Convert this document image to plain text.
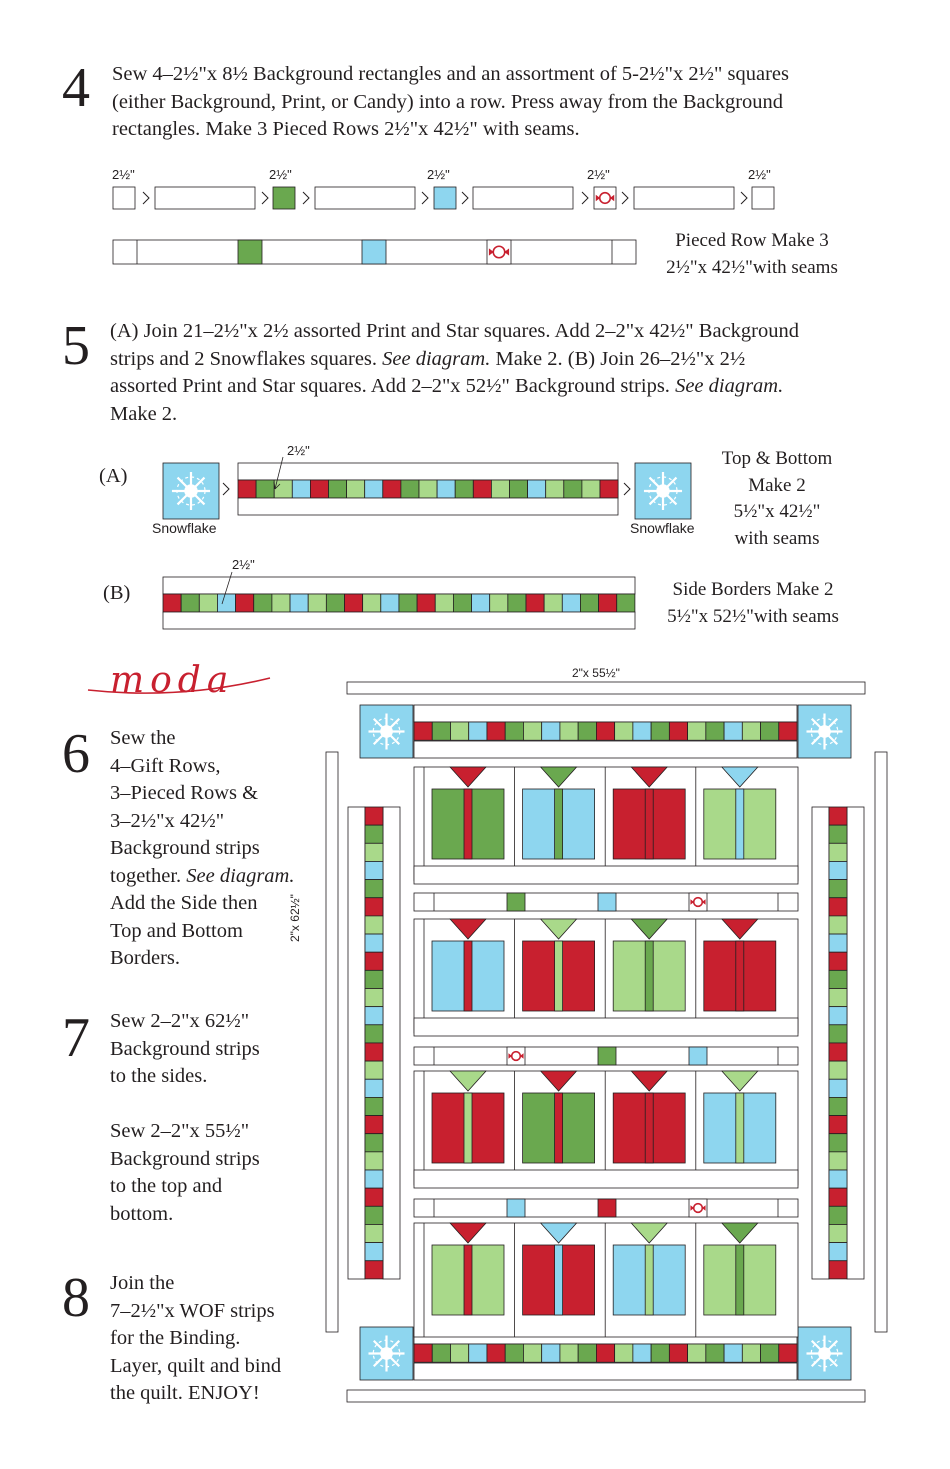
4 Sew 4–2½"x 8½ Background rectangles and an assortment of 5-2½"x 2½" squares
(either Background, Print, or Candy) into a row. Press away from the Background
rectangles. Make 3 Pieced Rows 2½"x 42½" with seams.
2½"	2½"	2½"	2½"	2½"
Pieced Row Make 3
2½"x 42½"with seams
5 (A) Join 21–2½"x 2½ assorted Print and Star squares. Add 2–2"x 42½" Background
strips and 2 Snowflakes squares. See diagram. Make 2. (B) Join 26–2½"x 2½
assorted Print and Star squares. Add 2–2"x 52½" Background strips. See diagram.
Make 2.
(A)
(B)
2½"
2½"
Snowflake	Snowflake
Top & Bottom
Make 2
5½"x 42½"
with seams
Side Borders Make 2
5½"x 52½"with seams
moda
6 Sew the
4–Gift Rows,
3–Pieced Rows &
3–2½"x 42½"
Background strips
together. See diagram.
Add the Side then
Top and Bottom
Borders.
7 Sew 2–2"x 62½"
Background strips
to the sides.
Sew 2–2"x 55½"
Background strips
to the top and
bottom.
8 Join the
7–2½"x WOF strips
for the Binding.
Layer, quilt and bind
the quilt. ENJOY!
2"x 55½"
2"x 62½"
